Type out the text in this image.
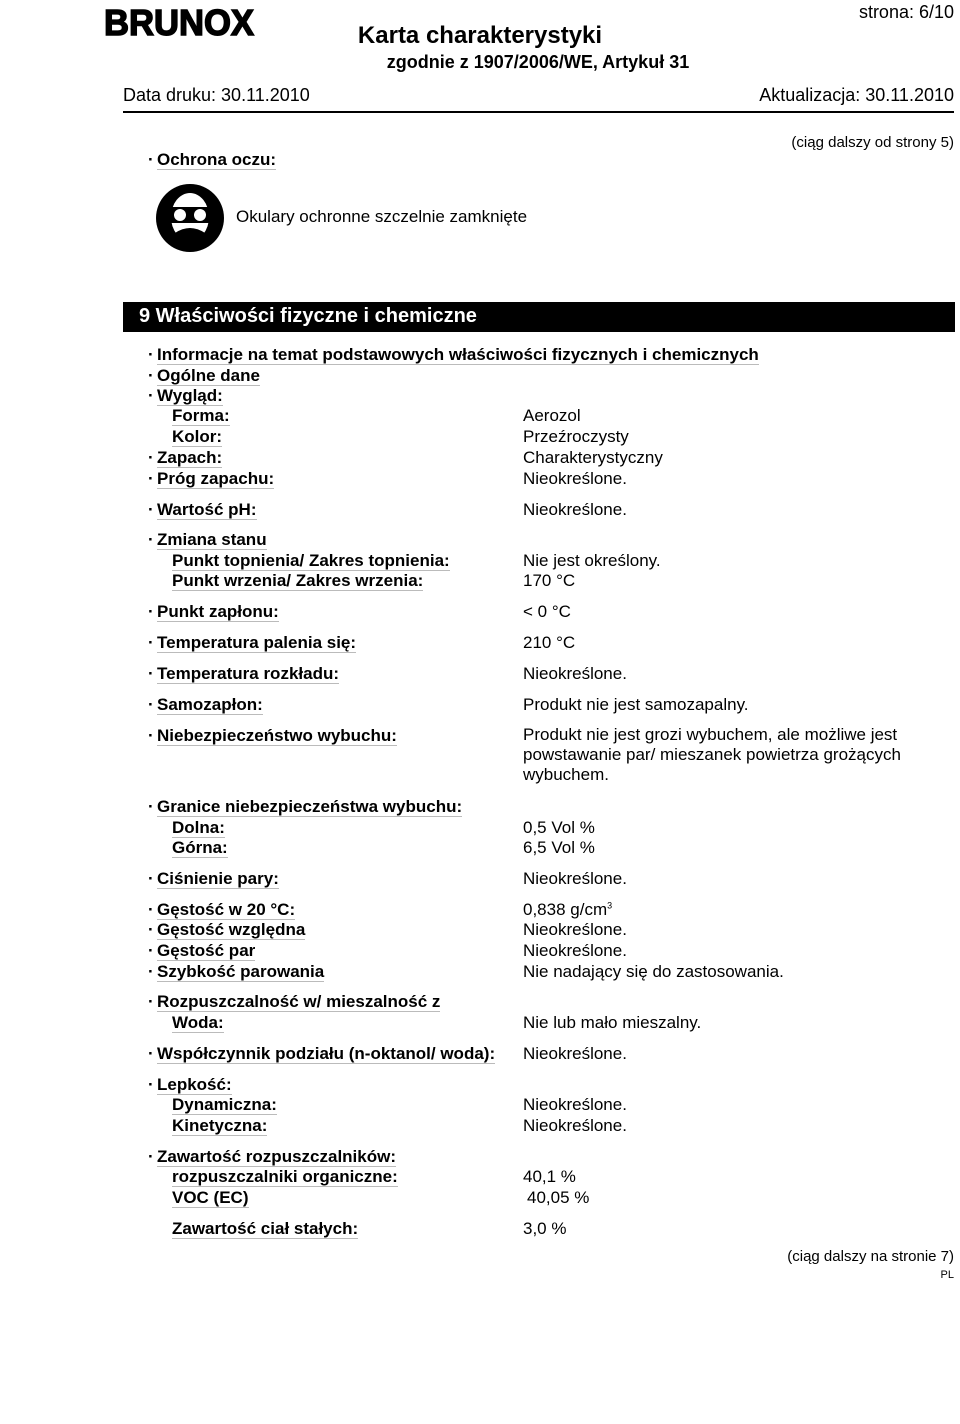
BRUNOX	strona: 6/10
Karta charakterystyki
zgodnie z 1907/2006/WE, Artykuł 31
Data druku: 30.11.2010	Aktualizacja: 30.11.2010
(ciąg dalszy od strony 5)
· Ochrona oczu:
Okulary ochronne szczelnie zamknięte
9 Właściwości fizyczne i chemiczne
· Informacje na temat podstawowych właściwości fizycznych i chemicznych
· Ogólne dane
· Wygląd:
Forma:	Aerozol
Kolor:	Przeźroczysty
· Zapach:	Charakterystyczny
· Próg zapachu:	Nieokreślone.
· Wartość pH:	Nieokreślone.
· Zmiana stanu
Punkt topnienia/ Zakres topnienia:	Nie jest określony.
Punkt wrzenia/ Zakres wrzenia:	170 °C
· Punkt zapłonu:	< 0 °C
· Temperatura palenia się:	210 °C
· Temperatura rozkładu:	Nieokreślone.
· Samozapłon:	Produkt nie jest samozapalny.
· Niebezpieczeństwo wybuchu:	Produkt nie jest grozi wybuchem, ale możliwe jest powstawanie par/ mieszanek powietrza grożących wybuchem.
· Granice niebezpieczeństwa wybuchu:
Dolna:	0,5 Vol %
Górna:	6,5 Vol %
· Ciśnienie pary:	Nieokreślone.
· Gęstość w 20 °C:	0,838 $g/cm^3$
· Gęstość względna	Nieokreślone.
· Gęstość par	Nieokreślone.
· Szybkość parowania	Nie nadający się do zastosowania.
· Rozpuszczalność w/ mieszalność z
Woda:	Nie lub mało mieszalny.
· Współczynnik podziału (n-oktanol/ woda): Nieokreślone.
· Lepkość:
Dynamiczna:	Nieokreślone.
Kinetyczna:	Nieokreślone.
· Zawartość rozpuszczalników:
rozpuszczalniki organiczne:	40,1 %
VOC (EC)	40,05 %
Zawartość ciał stałych:	3,0 %
(ciąg dalszy na stronie 7)
PL
